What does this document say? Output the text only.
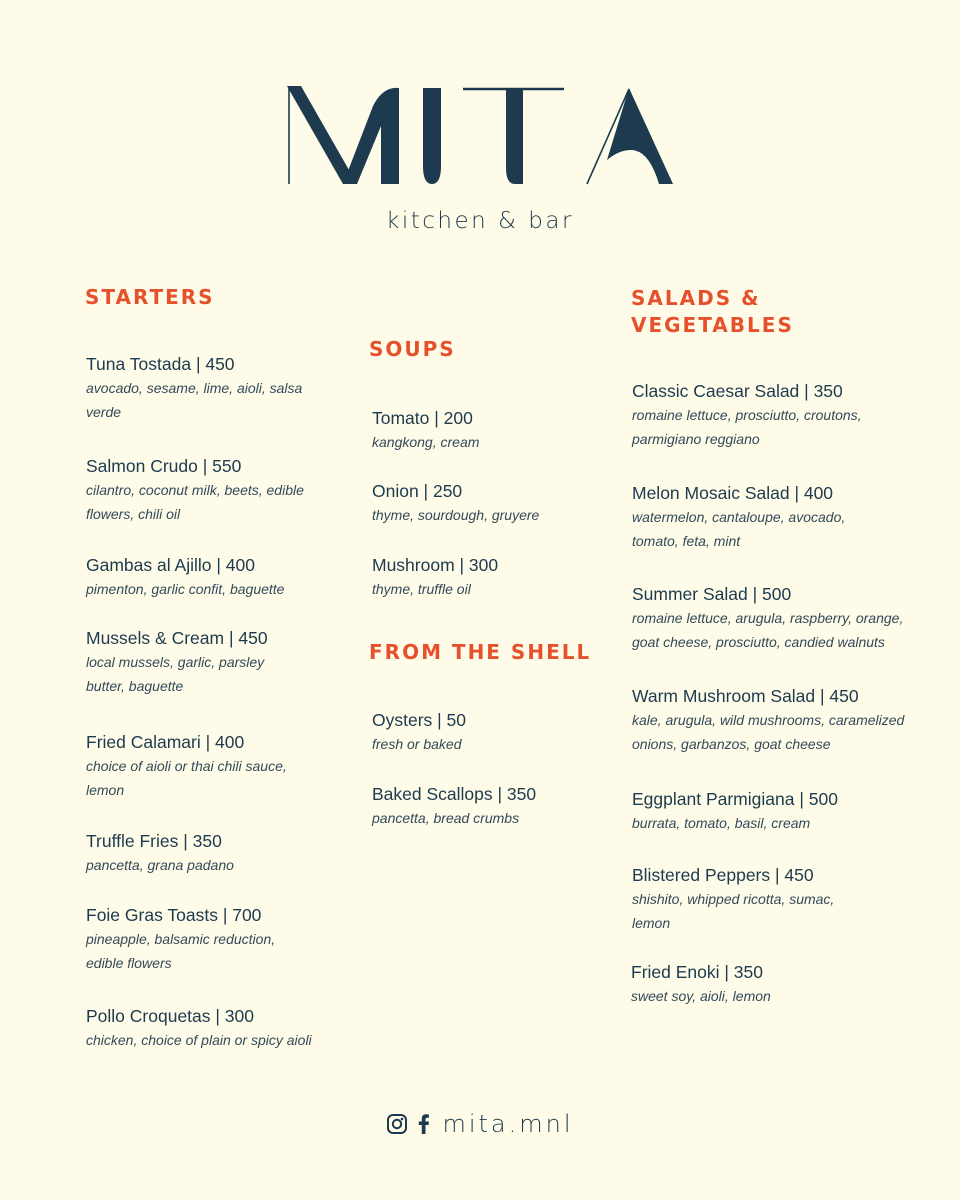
kitchen & bar
STARTERS
Tuna Tostada | 450
avocado, sesame, lime, aioli, salsa verde
Salmon Crudo | 550
cilantro, coconut milk, beets, edible flowers, chili oil
Gambas al Ajillo | 400
pimenton, garlic confit, baguette
Mussels & Cream | 450
local mussels, garlic, parsley butter, baguette
Fried Calamari | 400
choice of aioli or thai chili sauce, lemon
Truffle Fries | 350
pancetta, grana padano
Foie Gras Toasts | 700
pineapple, balsamic reduction, edible flowers
Pollo Croquetas | 300
chicken, choice of plain or spicy aioli
SOUPS
Tomato | 200
kangkong, cream
Onion | 250
thyme, sourdough, gruyere
Mushroom | 300
thyme, truffle oil
FROM THE SHELL
Oysters | 50
fresh or baked
Baked Scallops | 350
pancetta, bread crumbs
SALADS &
VEGETABLES
Classic Caesar Salad | 350
romaine lettuce, prosciutto, croutons, parmigiano reggiano
Melon Mosaic Salad | 400
watermelon, cantaloupe, avocado, tomato, feta, mint
Summer Salad | 500
romaine lettuce, arugula, raspberry, orange, goat cheese, prosciutto, candied walnuts
Warm Mushroom Salad | 450
kale, arugula, wild mushrooms, caramelized onions, garbanzos, goat cheese
Eggplant Parmigiana | 500
burrata, tomato, basil, cream
Blistered Peppers | 450
shishito, whipped ricotta, sumac, lemon
Fried Enoki | 350
sweet soy, aioli, lemon
mita.mnl
